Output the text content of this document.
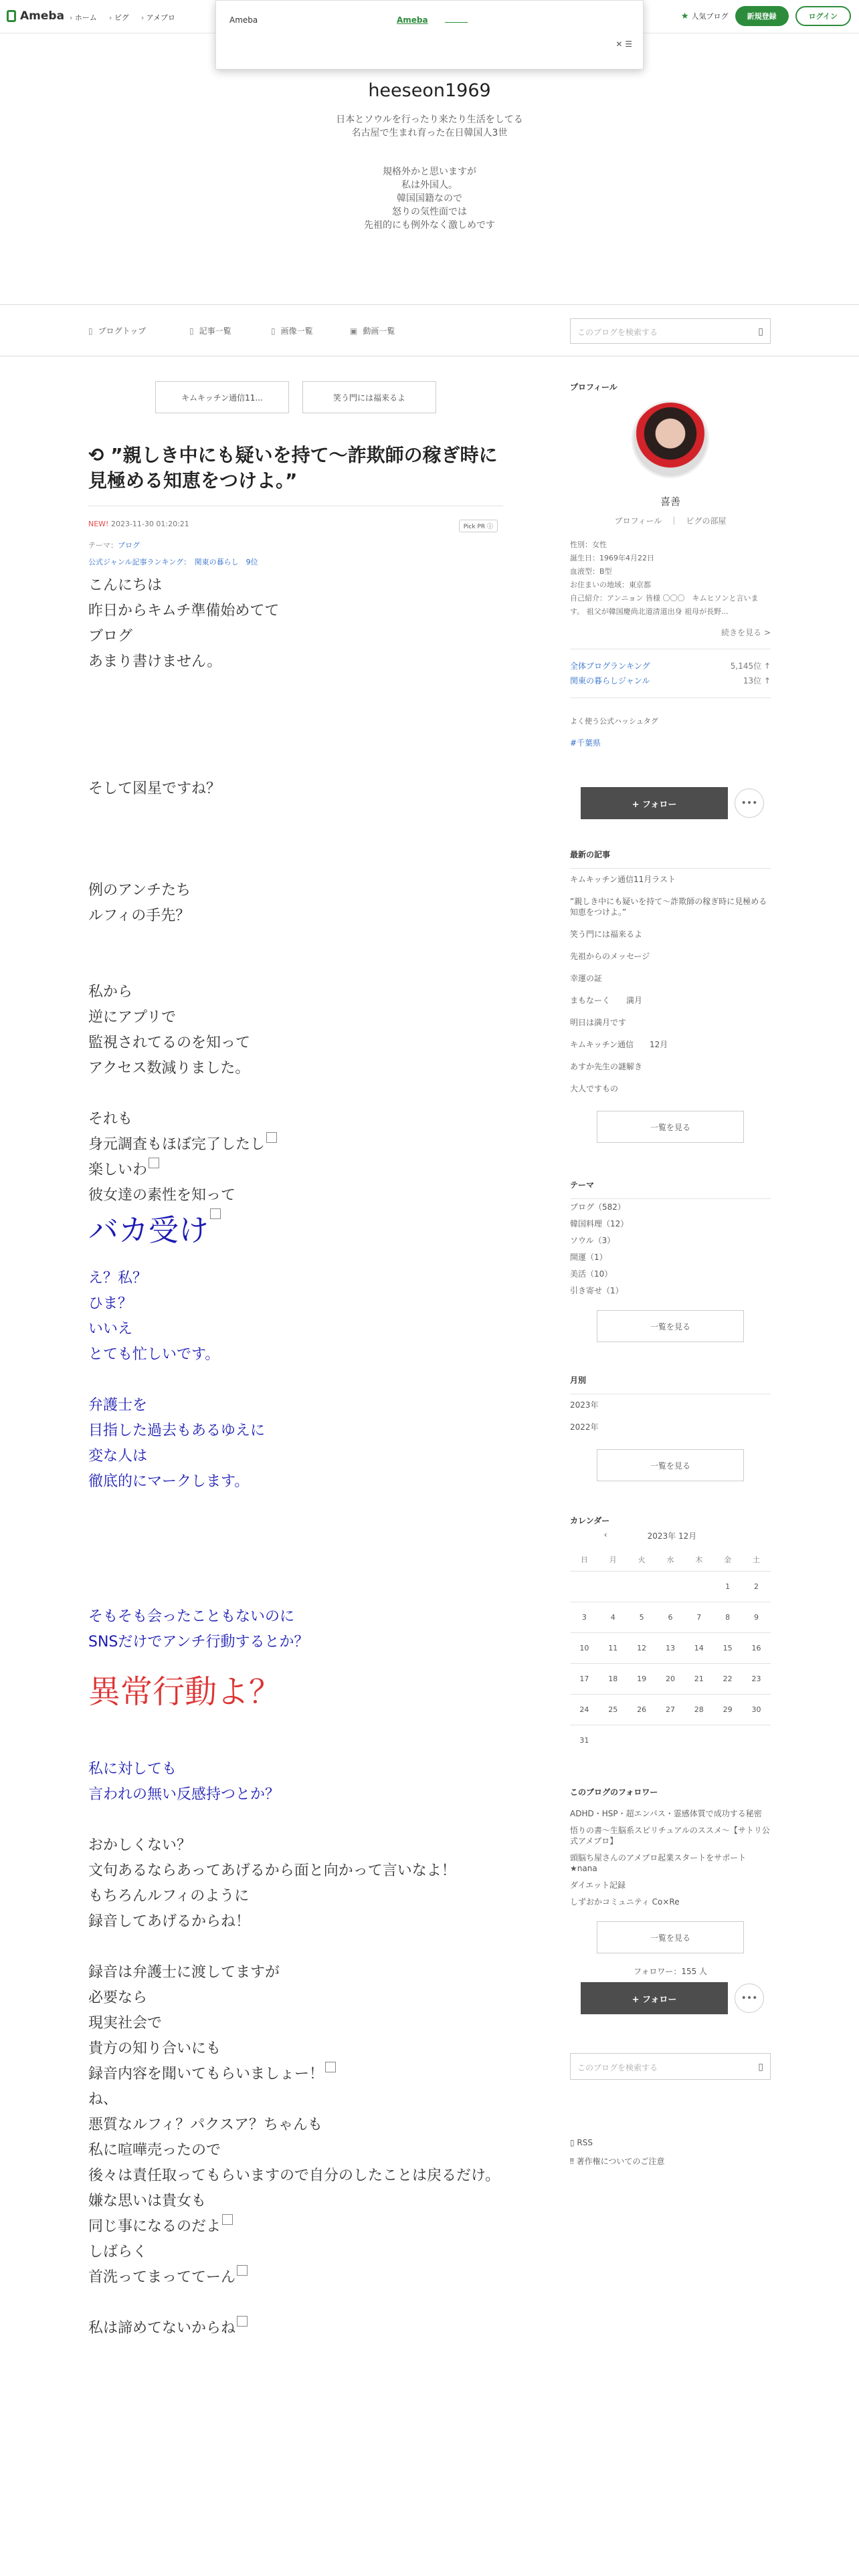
Ameba	› ホーム	› ピグ	› アメブロ	★ 人気ブログ	新規登録	ログイン
Ameba	Ameba
✕ ☰
heeseon1969
日本とソウルを行ったり来たり生活をしてる
名古屋で生まれ育った在日韓国人3世
規格外かと思いますが
私は外国人。
韓国国籍なので
怒りの気性面では
先祖的にも例外なく激しめです
▯ ブログトップ	▯ 記事一覧	▯ 画像一覧	▣ 動画一覧	このブログを検索する	▯
キムキッチン通信11...	笑う門には福来るよ
⟲ ”親しき中にも疑いを持て〜詐欺師の稼ぎ時に見極める知恵をつけよ。”
NEW! 2023-11-30 01:20:21	Pick PR ⓘ
テーマ：ブログ
公式ジャンル記事ランキング：　関東の暮らし　9位
こんにちは
昨日からキムチ準備始めてて
ブログ
あまり書けません。
そして図星ですね？
例のアンチたち
ルフィの手先？
私から
逆にアプリで
監視されてるのを知って
アクセス数減りました。
それも
身元調査もほぼ完了したし
楽しいわ
彼女達の素性を知って
バカ受け
え？私？
ひま？
いいえ
とても忙しいです。
弁護士を
目指した過去もあるゆえに
変な人は
徹底的にマークします。
そもそも会ったこともないのに
SNSだけでアンチ行動するとか？
異常行動よ？
私に対しても
言われの無い反感持つとか？
おかしくない？
文句あるならあってあげるから面と向かって言いなよ！
もちろんルフィのように
録音してあげるからね！
録音は弁護士に渡してますが
必要なら
現実社会で
貴方の知り合いにも
録音内容を聞いてもらいましょー！
ね、
悪質なルフィ？パクスア？ちゃんも
私に喧嘩売ったので
後々は責任取ってもらいますので自分のしたことは戻るだけ。
嫌な思いは貴女も
同じ事になるのだよ
しばらく
首洗ってまっててーん
私は諦めてないからね
プロフィール
喜善
プロフィール　｜　ピグの部屋
性別：女性
誕生日：1969年4月22日
血液型：B型
お住まいの地域：東京都
自己紹介：アンニョン 皆様 〇〇〇　キムヒソンと言います。 祖父が韓国慶尚北道清道出身 祖母が長野...
続きを見る >
全体ブログランキング	5,145位 ↑
関東の暮らしジャンル	13位 ↑
よく使う公式ハッシュタグ
#千葉県
+ フォロー	•••
最新の記事
キムキッチン通信11月ラスト
”親しき中にも疑いを持て〜詐欺師の稼ぎ時に見極める知恵をつけよ。”
笑う門には福来るよ
先祖からのメッセージ
幸運の証
まもなーく　　満月
明日は満月です
キムキッチン通信　　12月
あすか先生の謎解き
大人ですもの
一覧を見る
テーマ
ブログ（582）
韓国料理（12）
ソウル（3）
開運（1）
美活（10）
引き寄せ（1）
一覧を見る
月別
2023年
2022年
一覧を見る
カレンダー
‹	2023年 12月
日	月	火	水	木	金	土
					1	2
3	4	5	6	7	8	9
10	11	12	13	14	15	16
17	18	19	20	21	22	23
24	25	26	27	28	29	30
31						
このブログのフォロワー
ADHD・HSP・超エンパス・霊感体質で成功する秘密
悟りの書〜生脳系スピリチュアルのススメ〜【サトリ公式アメブロ】
頭脳ち屋さんのアメブロ起業スタートをサポート★nana
ダイエット記録
しずおかコミュニティ Co×Re
一覧を見る
フォロワー：155 人
+ フォロー	•••
このブログを検索する	▯
▯ RSS
‼ 著作権についてのご注意
